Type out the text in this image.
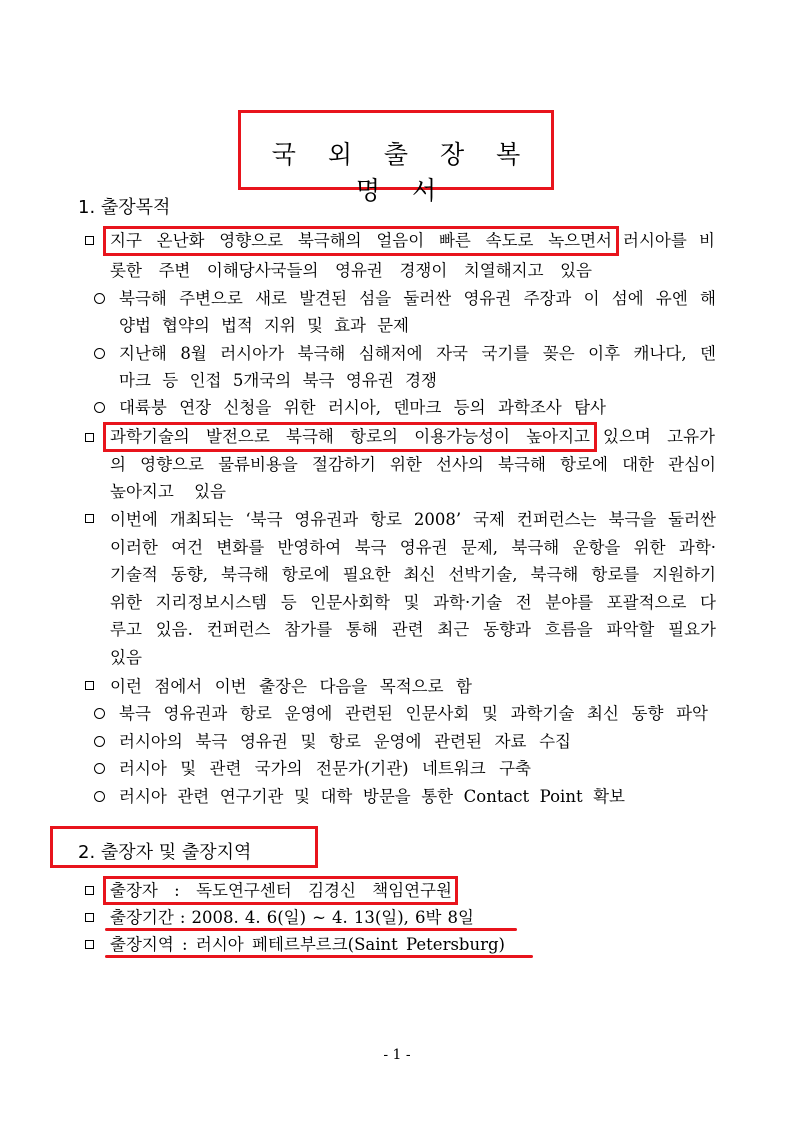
국 외 출 장 복 명 서
1. 출장목적
지구 온난화 영향으로 북극해의 얼음이 빠른 속도로 녹으면서 러시아를 비
롯한 주변 이해당사국들의 영유권 경쟁이 치열해지고 있음
북극해 주변으로 새로 발견된 섬을 둘러싼 영유권 주장과 이 섬에 유엔 해
양법 협약의 법적 지위 및 효과 문제
지난해 8월 러시아가 북극해 심해저에 자국 국기를 꽂은 이후 캐나다, 덴
마크 등 인접 5개국의 북극 영유권 경쟁
대륙붕 연장 신청을 위한 러시아, 덴마크 등의 과학조사 탐사
과학기술의 발전으로 북극해 항로의 이용가능성이 높아지고 있으며 고유가
의 영향으로 물류비용을 절감하기 위한 선사의 북극해 항로에 대한 관심이
높아지고 있음
이번에 개최되는 ‘북극 영유권과 항로 2008’ 국제 컨퍼런스는 북극을 둘러싼
이러한 여건 변화를 반영하여 북극 영유권 문제, 북극해 운항을 위한 과학·
기술적 동향, 북극해 항로에 필요한 최신 선박기술, 북극해 항로를 지원하기
위한 지리정보시스템 등 인문사회학 및 과학·기술 전 분야를 포괄적으로 다
루고 있음. 컨퍼런스 참가를 통해 관련 최근 동향과 흐름을 파악할 필요가
있음
이런 점에서 이번 출장은 다음을 목적으로 함
북극 영유권과 항로 운영에 관련된 인문사회 및 과학기술 최신 동향 파악
러시아의 북극 영유권 및 항로 운영에 관련된 자료 수집
러시아 및 관련 국가의 전문가(기관) 네트워크 구축
러시아 관련 연구기관 및 대학 방문을 통한 Contact Point 확보
2. 출장자 및 출장지역
출장자 : 독도연구센터 김경신 책임연구원
출장기간 : 2008. 4. 6(일) ~ 4. 13(일), 6박 8일
출장지역 : 러시아 페테르부르크(Saint Petersburg)
- 1 -
